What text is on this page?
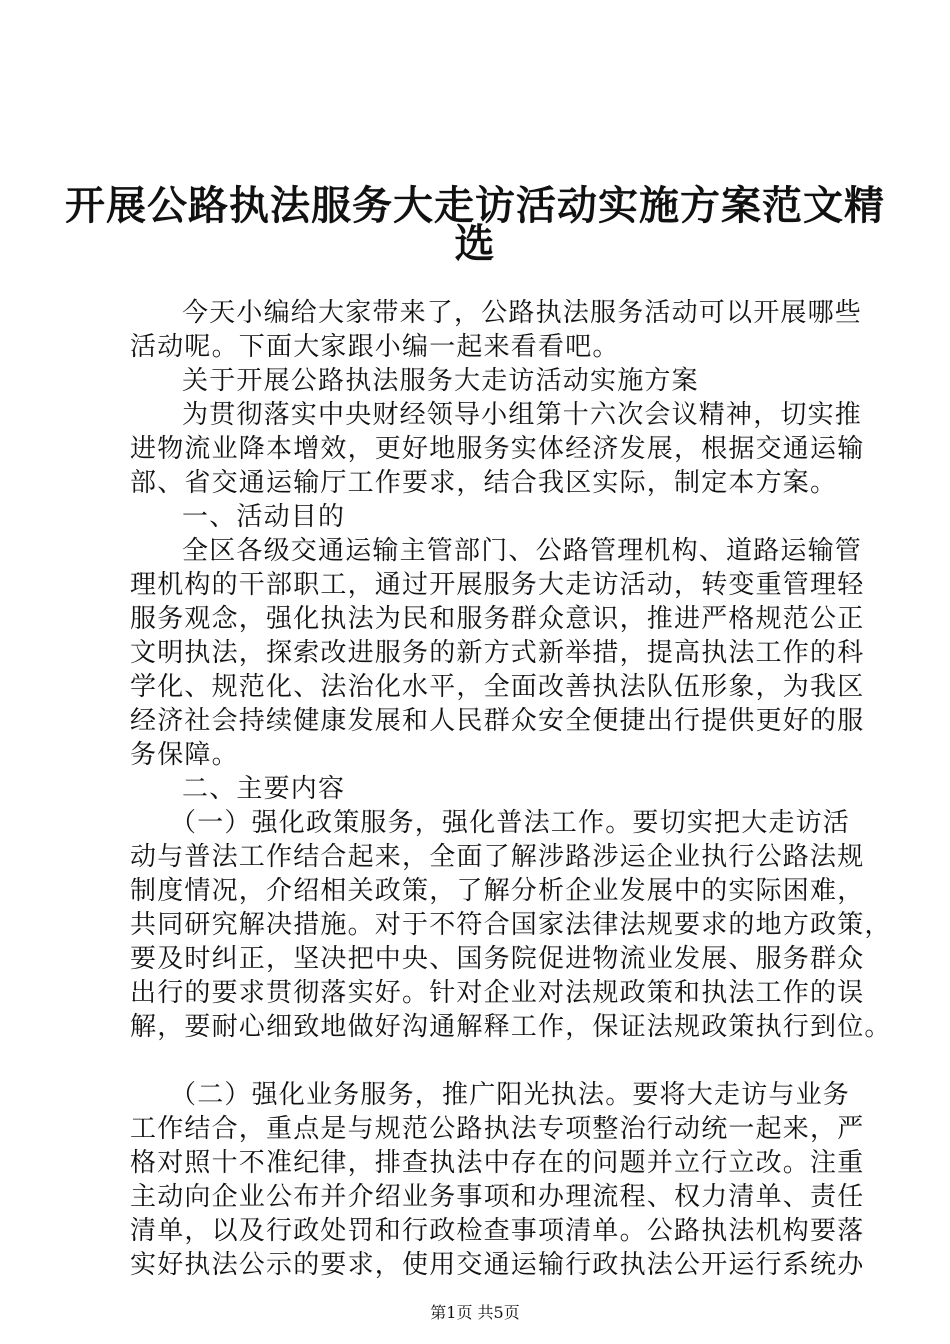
开展公路执法服务大走访活动实施方案范文精
选
今天小编给大家带来了，公路执法服务活动可以开展哪些
活动呢。下面大家跟小编一起来看看吧。
关于开展公路执法服务大走访活动实施方案
为贯彻落实中央财经领导小组第十六次会议精神，切实推
进物流业降本增效，更好地服务实体经济发展，根据交通运输
部、省交通运输厅工作要求，结合我区实际，制定本方案。
一、活动目的
全区各级交通运输主管部门、公路管理机构、道路运输管
理机构的干部职工，通过开展服务大走访活动，转变重管理轻
服务观念，强化执法为民和服务群众意识，推进严格规范公正
文明执法，探索改进服务的新方式新举措，提高执法工作的科
学化、规范化、法治化水平，全面改善执法队伍形象，为我区
经济社会持续健康发展和人民群众安全便捷出行提供更好的服
务保障。
二、主要内容
（一）强化政策服务，强化普法工作。要切实把大走访活
动与普法工作结合起来，全面了解涉路涉运企业执行公路法规
制度情况，介绍相关政策，了解分析企业发展中的实际困难，
共同研究解决措施。对于不符合国家法律法规要求的地方政策，
要及时纠正，坚决把中央、国务院促进物流业发展、服务群众
出行的要求贯彻落实好。针对企业对法规政策和执法工作的误
解，要耐心细致地做好沟通解释工作，保证法规政策执行到位。
（二）强化业务服务，推广阳光执法。要将大走访与业务
工作结合，重点是与规范公路执法专项整治行动统一起来，严
格对照十不准纪律，排查执法中存在的问题并立行立改。注重
主动向企业公布并介绍业务事项和办理流程、权力清单、责任
清单，以及行政处罚和行政检查事项清单。公路执法机构要落
实好执法公示的要求，使用交通运输行政执法公开运行系统办
第1页 共5页
